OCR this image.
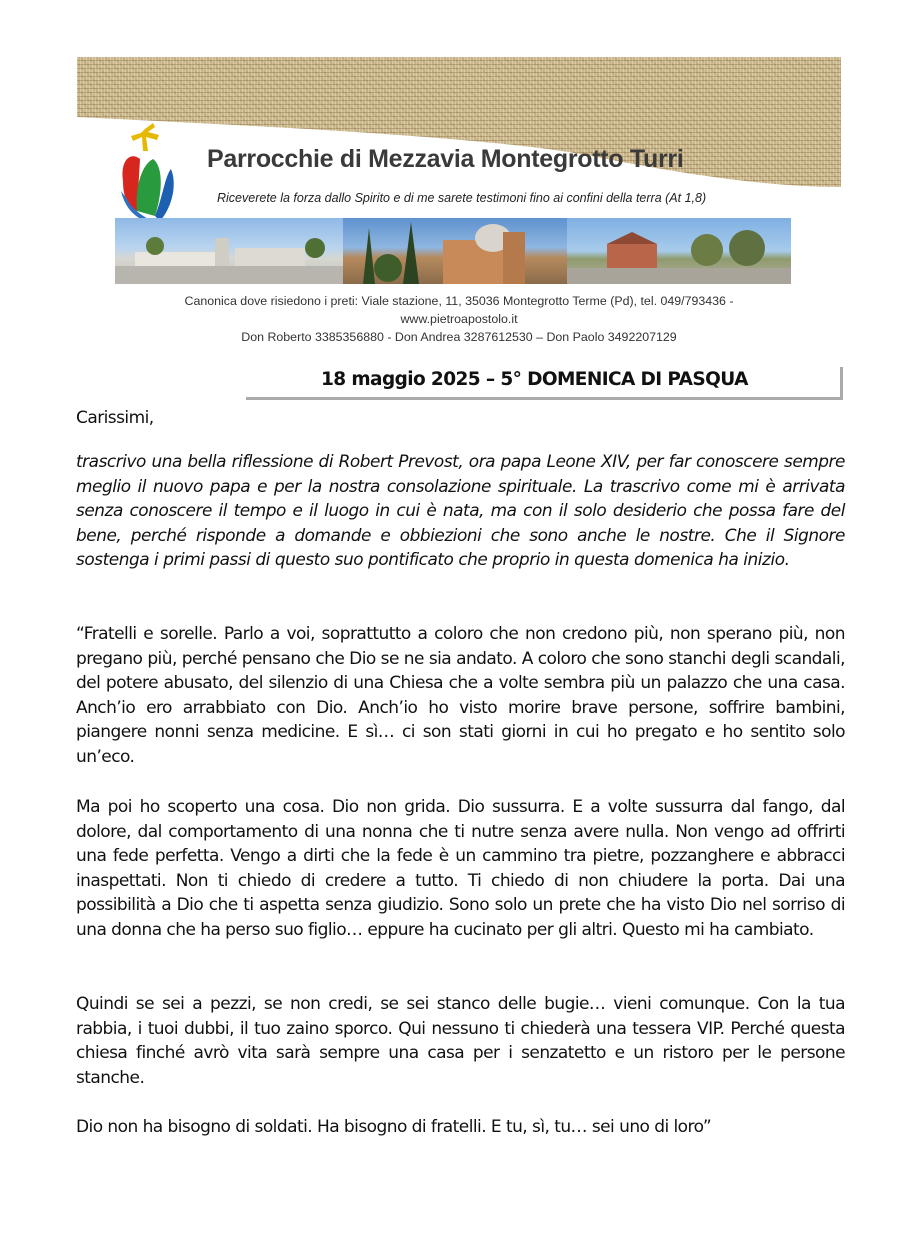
Parrocchie di Mezzavia Montegrotto Turri
Riceverete la forza dallo Spirito e di me sarete testimoni fino ai confini della terra (At 1,8)
Canonica dove risiedono i preti: Viale stazione, 11, 35036 Montegrotto Terme (Pd), tel. 049/793436 -
www.pietroapostolo.it
Don Roberto 3385356880 - Don Andrea 3287612530 – Don Paolo 3492207129
18 maggio 2025 – 5° DOMENICA DI PASQUA
Carissimi,
trascrivo una bella riflessione di Robert Prevost, ora papa Leone XIV, per far conoscere sempre meglio il nuovo papa e per la nostra consolazione spirituale. La trascrivo come mi è arrivata senza conoscere il tempo e il luogo in cui è nata, ma con il solo desiderio che possa fare del bene, perché risponde a domande e obbiezioni che sono anche le nostre. Che il Signore sostenga i primi passi di questo suo pontificato che proprio in questa domenica ha inizio.
“Fratelli e sorelle. Parlo a voi, soprattutto a coloro che non credono più, non sperano più, non pregano più, perché pensano che Dio se ne sia andato. A coloro che sono stanchi degli scandali, del potere abusato, del silenzio di una Chiesa che a volte sembra più un palazzo che una casa. Anch’io ero arrabbiato con Dio. Anch’io ho visto morire brave persone, soffrire bambini, piangere nonni senza medicine. E sì… ci son stati giorni in cui ho pregato e ho sentito solo un’eco.
Ma poi ho scoperto una cosa. Dio non grida. Dio sussurra. E a volte sussurra dal fango, dal dolore, dal comportamento di una nonna che ti nutre senza avere nulla. Non vengo ad offrirti una fede perfetta. Vengo a dirti che la fede è un cammino tra pietre, pozzanghere e abbracci inaspettati. Non ti chiedo di credere a tutto. Ti chiedo di non chiudere la porta. Dai una possibilità a Dio che ti aspetta senza giudizio. Sono solo un prete che ha visto Dio nel sorriso di una donna che ha perso suo figlio… eppure ha cucinato per gli altri. Questo mi ha cambiato.
Quindi se sei a pezzi, se non credi, se sei stanco delle bugie… vieni comunque. Con la tua rabbia, i tuoi dubbi, il tuo zaino sporco. Qui nessuno ti chiederà una tessera VIP. Perché questa chiesa finché avrò vita sarà sempre una casa per i senzatetto e un ristoro per le persone stanche.
Dio non ha bisogno di soldati. Ha bisogno di fratelli. E tu, sì, tu… sei uno di loro”
